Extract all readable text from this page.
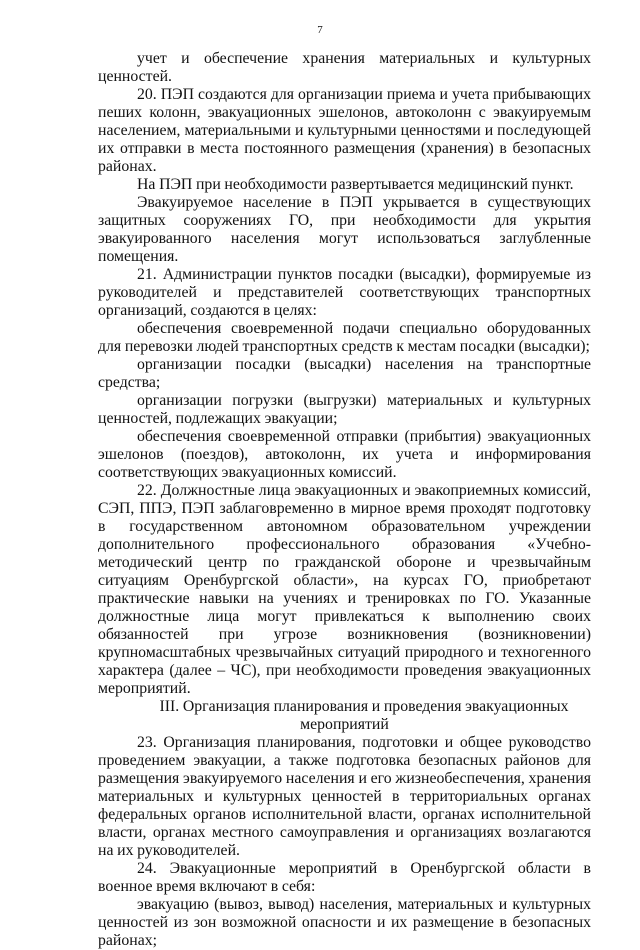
7

учет и обеспечение хранения материальных и культурных ценностей.

20. ПЭП создаются для организации приема и учета прибывающих пеших колонн, эвакуационных эшелонов, автоколонн с эвакуируемым населением, материальными и культурными ценностями и последующей их отправки в места постоянного размещения (хранения) в безопасных районах.

На ПЭП при необходимости развертывается медицинский пункт.

Эвакуируемое население в ПЭП укрывается в существующих защитных сооружениях ГО, при необходимости для укрытия эвакуированного населения могут использоваться заглубленные помещения.

21. Администрации пунктов посадки (высадки), формируемые из руководителей и представителей соответствующих транспортных организаций, создаются в целях:

обеспечения своевременной подачи специально оборудованных для перевозки людей транспортных средств к местам посадки (высадки);

организации посадки (высадки) населения на транспортные средства;

организации погрузки (выгрузки) материальных и культурных ценностей, подлежащих эвакуации;

обеспечения своевременной отправки (прибытия) эвакуационных эшелонов (поездов), автоколонн, их учета и информирования соответствующих эвакуационных комиссий.

22. Должностные лица эвакуационных и эвакоприемных комиссий, СЭП, ППЭ, ПЭП заблаговременно в мирное время проходят подготовку в государственном автономном образовательном учреждении дополнительного профессионального образования «Учебно-методический центр по гражданской обороне и чрезвычайным ситуациям Оренбургской области», на курсах ГО, приобретают практические навыки на учениях и тренировках по ГО. Указанные должностные лица могут привлекаться к выполнению своих обязанностей при угрозе возникновения (возникновении) крупномасштабных чрезвычайных ситуаций природного и техногенного характера (далее – ЧС), при необходимости проведения эвакуационных мероприятий.

III. Организация планирования и проведения эвакуационных мероприятий

23. Организация планирования, подготовки и общее руководство проведением эвакуации, а также подготовка безопасных районов для размещения эвакуируемого населения и его жизнеобеспечения, хранения материальных и культурных ценностей в территориальных органах федеральных органов исполнительной власти, органах исполнительной власти, органах местного самоуправления и организациях возлагаются на их руководителей.

24. Эвакуационные мероприятий в Оренбургской области в военное время включают в себя:

эвакуацию (вывоз, вывод) населения, материальных и культурных ценностей из зон возможной опасности и их размещение в безопасных районах;
